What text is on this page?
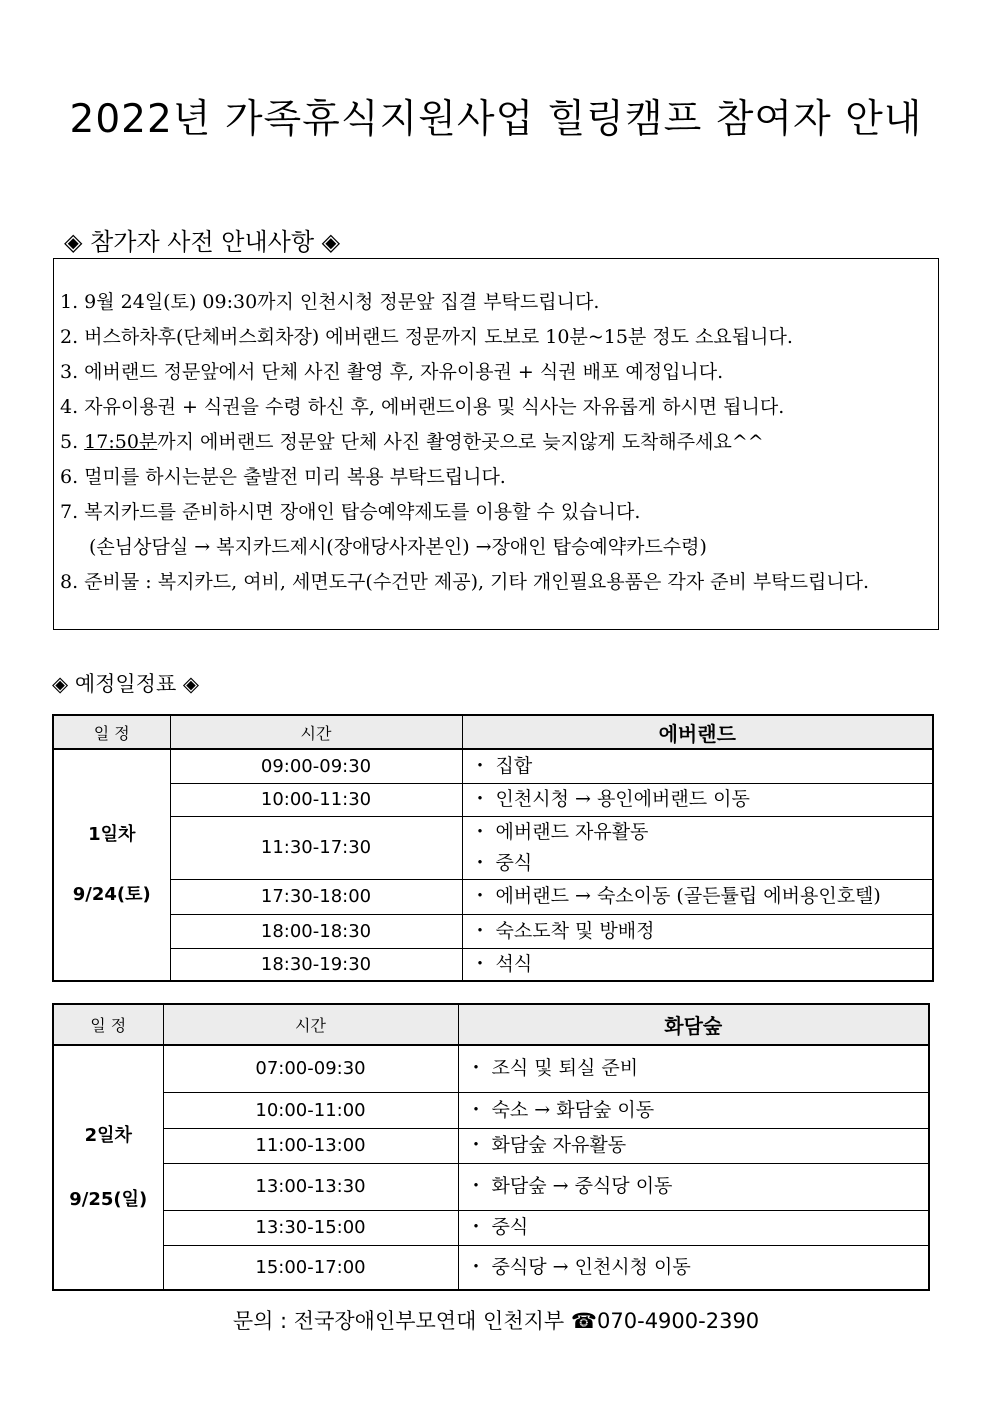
2022년 가족휴식지원사업 힐링캠프 참여자 안내
◈ 참가자 사전 안내사항 ◈
1. 9월 24일(토) 09:30까지 인천시청 정문앞 집결 부탁드립니다.
2. 버스하차후(단체버스회차장) 에버랜드 정문까지 도보로 10분~15분 정도 소요됩니다.
3. 에버랜드 정문앞에서 단체 사진 촬영 후, 자유이용권 + 식권 배포 예정입니다.
4. 자유이용권 + 식권을 수령 하신 후, 에버랜드이용 및 식사는 자유롭게 하시면 됩니다.
5. 17:50분까지 에버랜드 정문앞 단체 사진 촬영한곳으로 늦지않게 도착해주세요^^
6. 멀미를 하시는분은 출발전 미리 복용 부탁드립니다.
7. 복지카드를 준비하시면 장애인 탑승예약제도를 이용할 수 있습니다.
(손님상담실 → 복지카드제시(장애당사자본인) →장애인 탑승예약카드수령)
8. 준비물 : 복지카드, 여비, 세면도구(수건만 제공), 기타 개인필요용품은 각자 준비 부탁드립니다.
◈ 예정일정표 ◈
일 정	시간	에버랜드

1일차
9/24(토)	09:00-09:30	・ 집합

	10:00-11:30	・ 인천시청 → 용인에버랜드 이동

	11:30-17:30	・ 에버랜드 자유활동
・ 중식

	17:30-18:00	・ 에버랜드 → 숙소이동 (골든튤립 에버용인호텔)

	18:00-18:30	・ 숙소도착 및 방배정

	18:30-19:30	・ 석식
일 정	시간	화담숲

2일차
9/25(일)	07:00-09:30	・ 조식 및 퇴실 준비

	10:00-11:00	・ 숙소 → 화담숲 이동

	11:00-13:00	・ 화담숲 자유활동

	13:00-13:30	・ 화담숲 → 중식당 이동

	13:30-15:00	・ 중식

	15:00-17:00	・ 중식당 → 인천시청 이동
문의 : 전국장애인부모연대 인천지부 ☎070-4900-2390
